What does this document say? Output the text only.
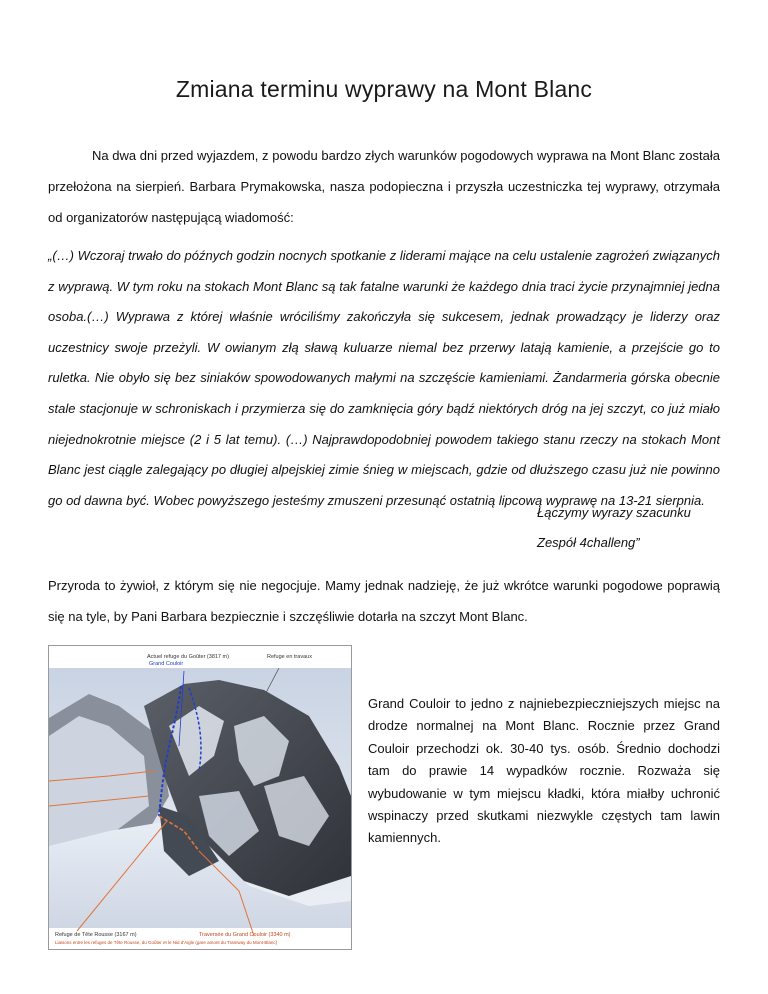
Zmiana terminu wyprawy na Mont Blanc
Na dwa dni przed wyjazdem, z powodu bardzo złych warunków pogodowych wyprawa na Mont Blanc została przełożona na sierpień. Barbara Prymakowska, nasza podopieczna i przyszła uczestniczka tej wyprawy, otrzymała od organizatorów następującą wiadomość:
„(…) Wczoraj trwało do późnych godzin nocnych spotkanie z liderami mające na celu ustalenie zagrożeń związanych z wyprawą. W tym roku na stokach Mont Blanc są tak fatalne warunki że każdego dnia traci życie przynajmniej jedna osoba.(…) Wyprawa z której właśnie wróciliśmy zakończyła się sukcesem, jednak prowadzący je liderzy oraz uczestnicy swoje przeżyli. W owianym złą sławą kuluarze niemal bez przerwy latają kamienie, a przejście go to ruletka. Nie obyło się bez siniaków spowodowanych małymi na szczęście kamieniami. Żandarmeria górska obecnie stale stacjonuje w schroniskach i przymierza się do zamknięcia góry bądź niektórych dróg na jej szczyt, co już miało niejednokrotnie miejsce (2 i 5 lat temu). (…) Najprawdopodobniej powodem takiego stanu rzeczy na stokach Mont Blanc jest ciągle zalegający po długiej alpejskiej zimie śnieg w miejscach, gdzie od dłuższego czasu już nie powinno go od dawna być. Wobec powyższego jesteśmy zmuszeni przesunąć ostatnią lipcową wyprawę na 13-21 sierpnia.
Łączymy wyrazy szacunku
Zespół 4challeng”
Przyroda to żywioł, z którym się nie negocjuje. Mamy jednak nadzieję, że już wkrótce warunki pogodowe poprawią się na tyle, by Pani Barbara bezpiecznie i szczęśliwie dotarła na szczyt Mont Blanc.
Actuel refuge du Goûter (3817 m)
Grand Couloir
Refuge en travaux
Refuge de Tête Rousse (3167 m)	Traversée du Grand Couloir (3340 m)
Liaisons entre les refuges de Tête Rousse, du Goûter et le Nid d'Aigle (gare amont du Tramway du Mont-Blanc)
Grand Couloir to jedno z najniebezpieczniejszych miejsc na drodze normalnej na Mont Blanc. Rocznie przez Grand Couloir przechodzi ok. 30-40 tys. osób. Średnio dochodzi tam do prawie 14 wypadków rocznie. Rozważa się wybudowanie w tym miejscu kładki, która miałby uchronić wspinaczy przed skutkami niezwykle częstych tam lawin kamiennych.
